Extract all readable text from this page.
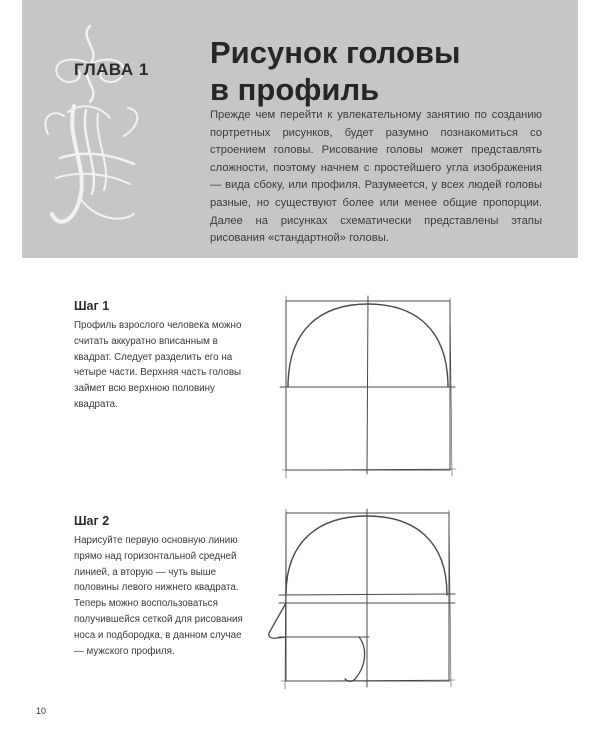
ГЛАВА 1 Рисунок головы
в профиль

Прежде чем перейти к увлекательному занятию по созданию портретных рисунков, будет разумно познакомиться со строением головы. Рисование головы может представлять сложности, поэтому начнем с простейшего угла изображения — вида сбоку, или профиля. Разумеется, у всех людей головы разные, но существуют более или менее общие пропорции. Далее на рисунках схематически представлены этапы рисования «стандартной» головы.

Шаг 1

Профиль взрослого человека можно считать аккуратно вписанным в квадрат. Следует разделить его на четыре части. Верхняя часть головы займет всю верхнюю половину квадрата.

Шаг 2

Нарисуйте первую основную линию прямо над горизонтальной средней линией, а вторую — чуть выше половины левого нижнего квадрата. Теперь можно воспользоваться получившейся сеткой для рисования носа и подбородка, в данном случае — мужского профиля.

10
